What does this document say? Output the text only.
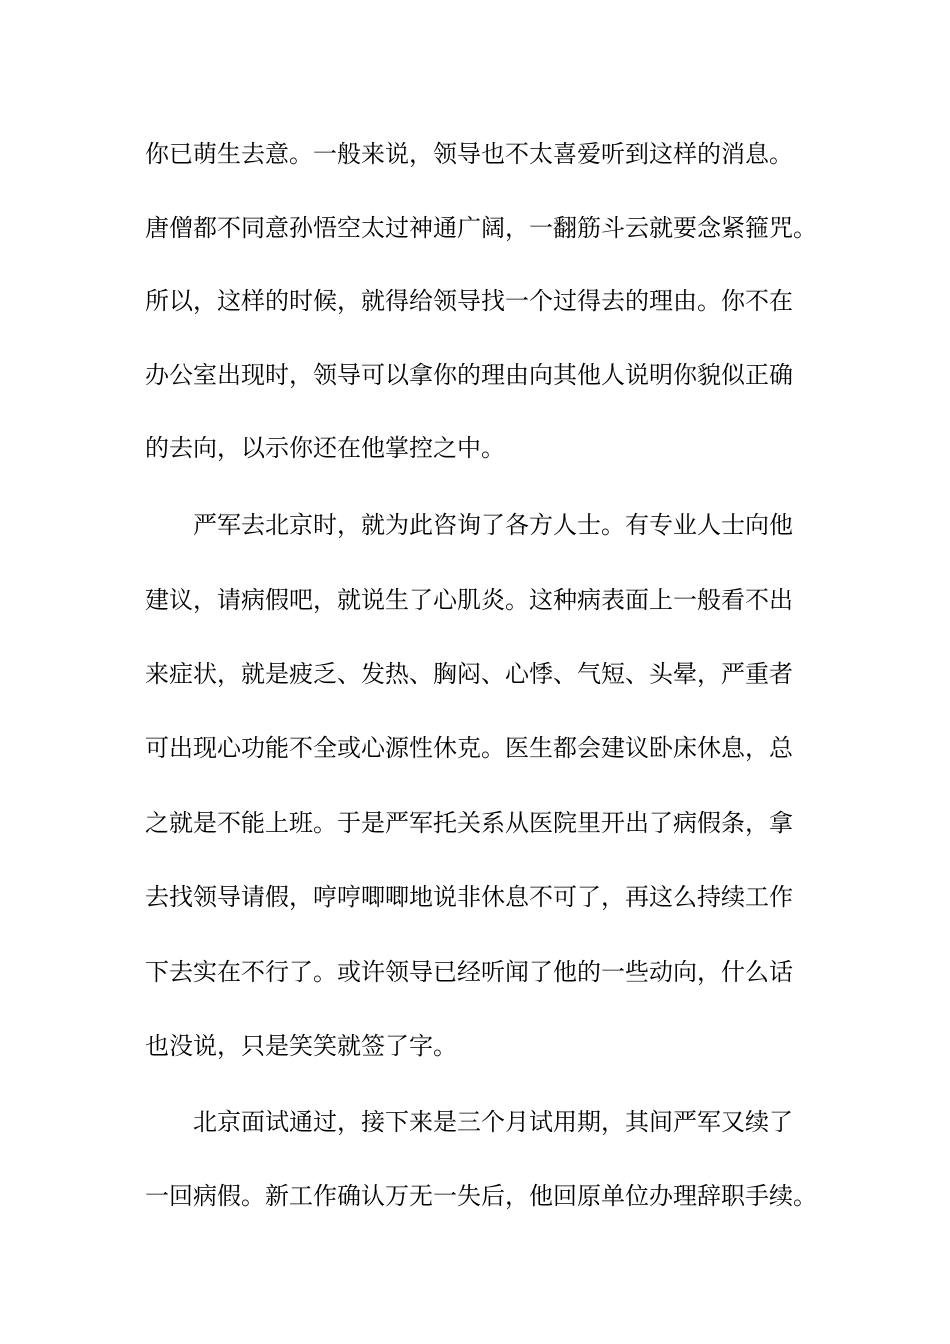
你已萌生去意。一般来说，领导也不太喜爱听到这样的消息。
唐僧都不同意孙悟空太过神通广阔，一翻筋斗云就要念紧箍咒。
所以，这样的时候，就得给领导找一个过得去的理由。你不在
办公室出现时，领导可以拿你的理由向其他人说明你貌似正确
的去向，以示你还在他掌控之中。
严军去北京时，就为此咨询了各方人士。有专业人士向他
建议，请病假吧，就说生了心肌炎。这种病表面上一般看不出
来症状，就是疲乏、发热、胸闷、心悸、气短、头晕，严重者
可出现心功能不全或心源性休克。医生都会建议卧床休息，总
之就是不能上班。于是严军托关系从医院里开出了病假条，拿
去找领导请假，哼哼唧唧地说非休息不可了，再这么持续工作
下去实在不行了。或许领导已经听闻了他的一些动向，什么话
也没说，只是笑笑就签了字。
北京面试通过，接下来是三个月试用期，其间严军又续了
一回病假。新工作确认万无一失后，他回原单位办理辞职手续。
